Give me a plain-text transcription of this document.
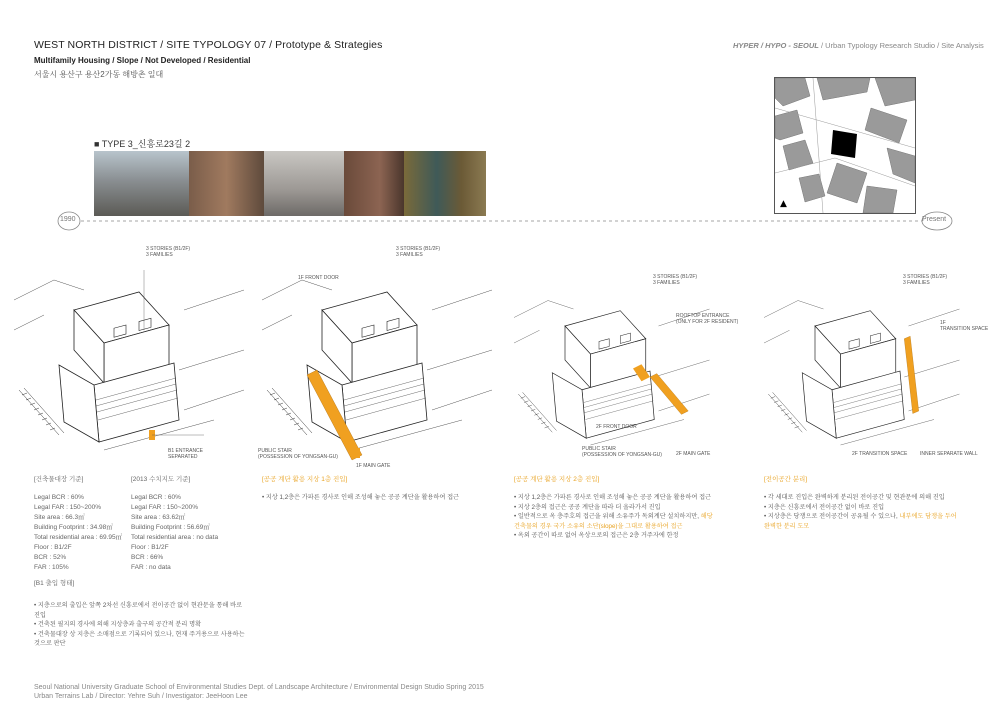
WEST NORTH DISTRICT / SITE TYPOLOGY 07 / Prototype & Strategies
Multifamily Housing / Slope / Not Developed / Residential
서울시 용산구 용산2가동 해방촌 일대
HYPER / HYPO - SEOUL / Urban Typology Research Studio / Site Analysis
■ TYPE 3_신흥로23길 2
▲
1990	Present
3 STORIES (B1/2F)
3 FAMILIES
B1 ENTRANCE
SEPARATED
3 STORIES (B1/2F)
3 FAMILIES
1F FRONT DOOR
PUBLIC STAIR
(POSSESSION OF YONGSAN-GU)
1F MAIN GATE
3 STORIES (B1/2F)
3 FAMILIES
ROOFTOP ENTRANCE
(ONLY FOR 2F RESIDENT)
2F FRONT DOOR
PUBLIC STAIR
(POSSESSION OF YONGSAN-GU)	2F MAIN GATE
3 STORIES (B1/2F)
3 FAMILIES
1F
TRANSITION SPACE
2F TRANSITION SPACE	INNER SEPARATE WALL
[건축물대장 기준]
Legal BCR : 60%
Legal FAR : 150~200%
Site area : 66.3㎡
Building Footprint : 34.98㎡
Total residential area : 69.95㎡
Floor : B1/2F
BCR : 52%
FAR : 105%
[B1 출입 형태]
• 지층으로의 출입은 앞쪽 2차선 신흥로에서 전이공간 없이 현관문을 통해 바로
진입
• 건축된 필지의 경사에 의해 지상층과 출구의 공간적 분리 명확
• 건축물대장 상 지층은 소매점으로 기록되어 있으나, 현재 주거용으로 사용하는
것으로 판단
[2013 수치지도 기준]
Legal BCR : 60%
Legal FAR : 150~200%
Site area : 63.62㎡
Building Footprint : 56.69㎡
Total residential area : no data
Floor : B1/2F
BCR : 66%
FAR : no data
[공공 계단 활용 지상 1층 진입]
• 지상 1,2층은 가파른 경사로 인해 조성해 놓은 공공 계단을 활용하여 접근
[공공 계단 활용 지상 2층 진입]
• 지상 1,2층은 가파른 경사로 인해 조성해 놓은 공공 계단을 활용하여 접근
• 지상 2층의 접근은 공공 계단을 따라 더 올라가서 진입
• 일반적으로 옥 층주호의 접근을 위해 소유주가 독외계단 설치하지만, 해당
건축물의 경우 국가 소유의 소단(slope)을 그대로 활용하여 접근
• 옥외 공간이 따로 없어 옥상으로의 접근은 2층 거주자에 한정
[전이공간 분리]
• 각 세대로 진입은 완벽하게 분리된 전이공간 및 현관문에 의해 진입
• 지층은 신흥로에서 전이공간 없이 바로 진입
• 지상층은 당쟁으로 전이공간이 공유될 수 있으나, 내부에도 담쟁을 두어
완벽한 분리 도모
Seoul National University Graduate School of Environmental Studies Dept. of Landscape Architecture / Environmental Design Studio Spring 2015
Urban Terrains Lab / Director: Yehre Suh / Investigator: JeeHoon Lee
